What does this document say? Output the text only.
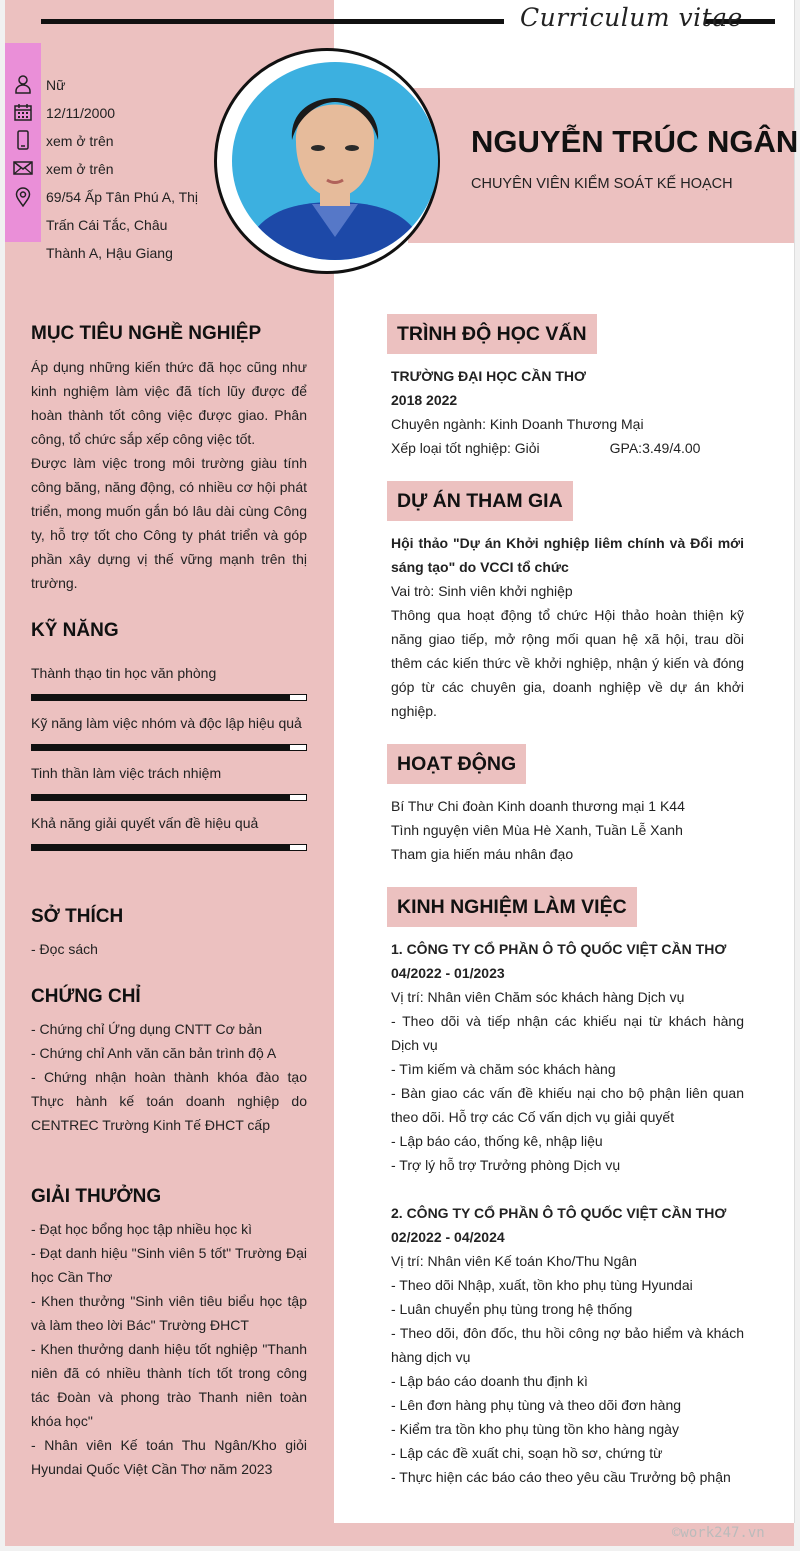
Curriculum vitae
Nữ
12/11/2000
xem ở trên
xem ở trên
69/54 Ấp Tân Phú A, Thị
Trấn Cái Tắc, Châu
Thành A, Hậu Giang
NGUYỄN TRÚC NGÂN
CHUYÊN VIÊN KIỂM SOÁT KẾ HOẠCH
MỤC TIÊU NGHỀ NGHIỆP
Áp dụng những kiến thức đã học cũng như kinh nghiệm làm việc đã tích lũy được để hoàn thành tốt công việc được giao. Phân công, tổ chức sắp xếp công việc tốt.
Được làm việc trong môi trường giàu tính công băng, năng động, có nhiều cơ hội phát triển, mong muốn gắn bó lâu dài cùng Công ty, hỗ trợ tốt cho Công ty phát triển và góp phần xây dựng vị thế vững mạnh trên thị trường.
KỸ NĂNG
Thành thạo tin học văn phòng
Kỹ năng làm việc nhóm và độc lập hiệu quả
Tinh thần làm việc trách nhiệm
Khả năng giải quyết vấn đề hiệu quả
SỞ THÍCH
- Đọc sách
CHỨNG CHỈ
- Chứng chỉ Ứng dụng CNTT Cơ bản
- Chứng chỉ Anh văn căn bản trình độ A
- Chứng nhận hoàn thành khóa đào tạo Thực hành kế toán doanh nghiệp do CENTREC Trường Kinh Tế ĐHCT cấp
GIẢI THƯỞNG
- Đạt học bổng học tập nhiều học kì
- Đạt danh hiệu "Sinh viên 5 tốt" Trường Đại học Cần Thơ
- Khen thưởng "Sinh viên tiêu biểu học tập và làm theo lời Bác" Trường ĐHCT
- Khen thưởng danh hiệu tốt nghiệp "Thanh niên đã có nhiều thành tích tốt trong công tác Đoàn và phong trào Thanh niên toàn khóa học"
- Nhân viên Kế toán Thu Ngân/Kho giỏi Hyundai Quốc Việt Cần Thơ năm 2023
TRÌNH ĐỘ HỌC VẤN
TRƯỜNG ĐẠI HỌC CẦN THƠ
2018 2022
Chuyên ngành: Kinh Doanh Thương Mại
Xếp loại tốt nghiệp: Giỏi	GPA:3.49/4.00
DỰ ÁN THAM GIA
Hội thảo "Dự án Khởi nghiệp liêm chính và Đổi mới sáng tạo" do VCCI tổ chức
Vai trò: Sinh viên khởi nghiệp
Thông qua hoạt động tổ chức Hội thảo hoàn thiện kỹ năng giao tiếp, mở rộng mối quan hệ xã hội, trau dồi thêm các kiến thức về khởi nghiệp, nhận ý kiến và đóng góp từ các chuyên gia, doanh nghiệp về dự án khởi nghiệp.
HOẠT ĐỘNG
Bí Thư Chi đoàn Kinh doanh thương mại 1 K44
Tình nguyện viên Mùa Hè Xanh, Tuần Lễ Xanh
Tham gia hiến máu nhân đạo
KINH NGHIỆM LÀM VIỆC
1. CÔNG TY CỔ PHẦN Ô TÔ QUỐC VIỆT CẦN THƠ
04/2022 - 01/2023
Vị trí: Nhân viên Chăm sóc khách hàng Dịch vụ
- Theo dõi và tiếp nhận các khiếu nại từ khách hàng Dịch vụ
- Tìm kiếm và chăm sóc khách hàng
- Bàn giao các vấn đề khiếu nại cho bộ phận liên quan theo dõi. Hỗ trợ các Cố vấn dịch vụ giải quyết
- Lập báo cáo, thống kê, nhập liệu
- Trợ lý hỗ trợ Trưởng phòng Dịch vụ
2. CÔNG TY CỔ PHẦN Ô TÔ QUỐC VIỆT CẦN THƠ
02/2022 - 04/2024
Vị trí: Nhân viên Kế toán Kho/Thu Ngân
- Theo dõi Nhập, xuất, tồn kho phụ tùng Hyundai
- Luân chuyển phụ tùng trong hệ thống
- Theo dõi, đôn đốc, thu hồi công nợ bảo hiểm và khách hàng dịch vụ
- Lập báo cáo doanh thu định kì
- Lên đơn hàng phụ tùng và theo dõi đơn hàng
- Kiểm tra tồn kho phụ tùng tồn kho hàng ngày
- Lập các đề xuất chi, soạn hồ sơ, chứng từ
- Thực hiện các báo cáo theo yêu cầu Trưởng bộ phận
©work247.vn
